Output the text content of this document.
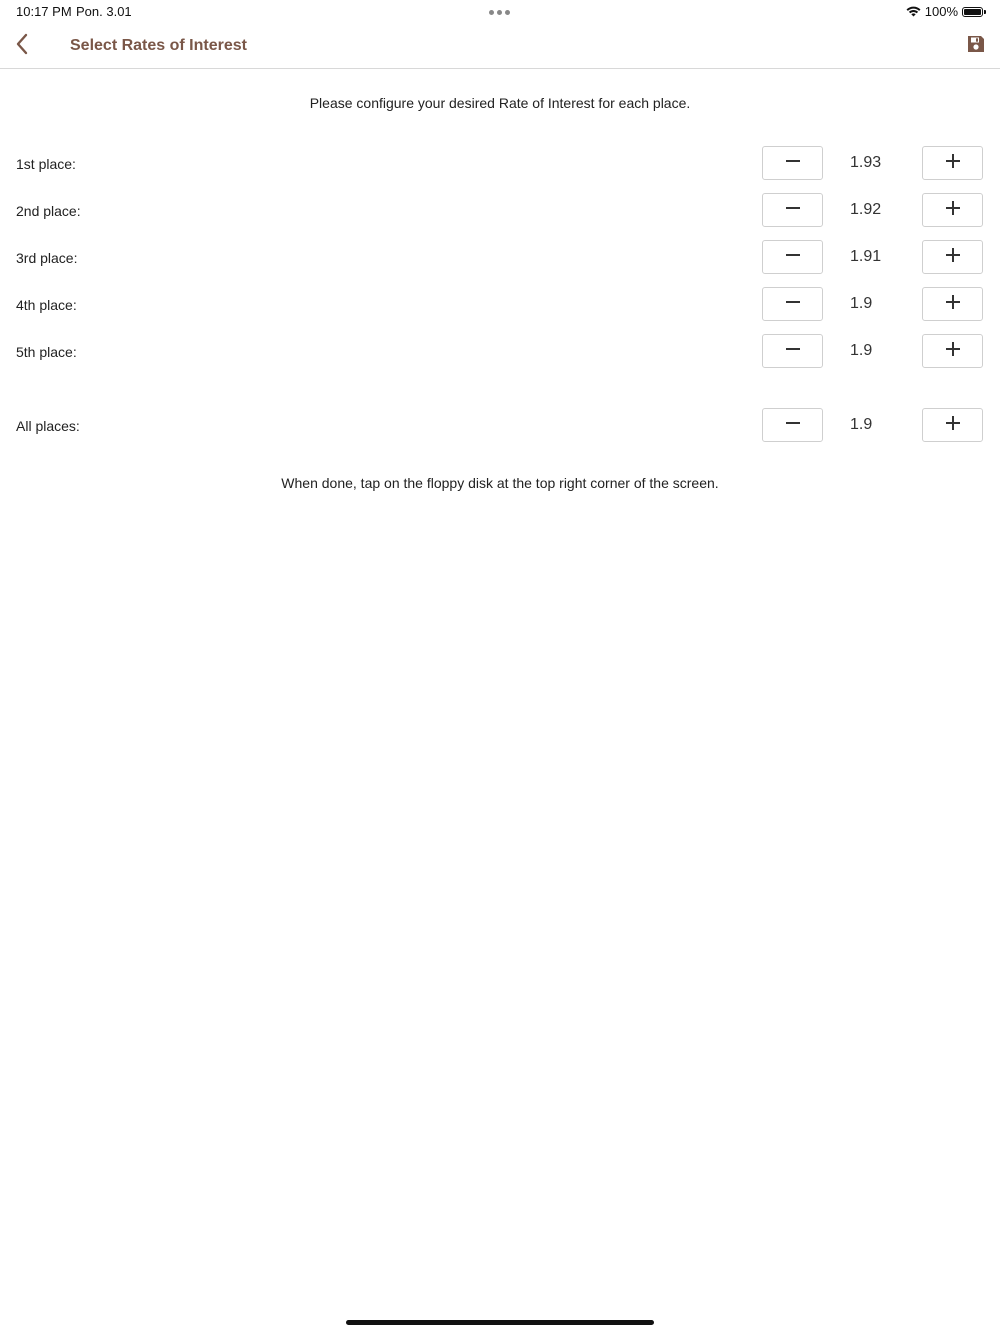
10:17 PM Pon. 3.01	100%
Select Rates of Interest
Please configure your desired Rate of Interest for each place.
1st place:	1.93
2nd place:	1.92
3rd place:	1.91
4th place:	1.9
5th place:	1.9
All places:	1.9
When done, tap on the floppy disk at the top right corner of the screen.
